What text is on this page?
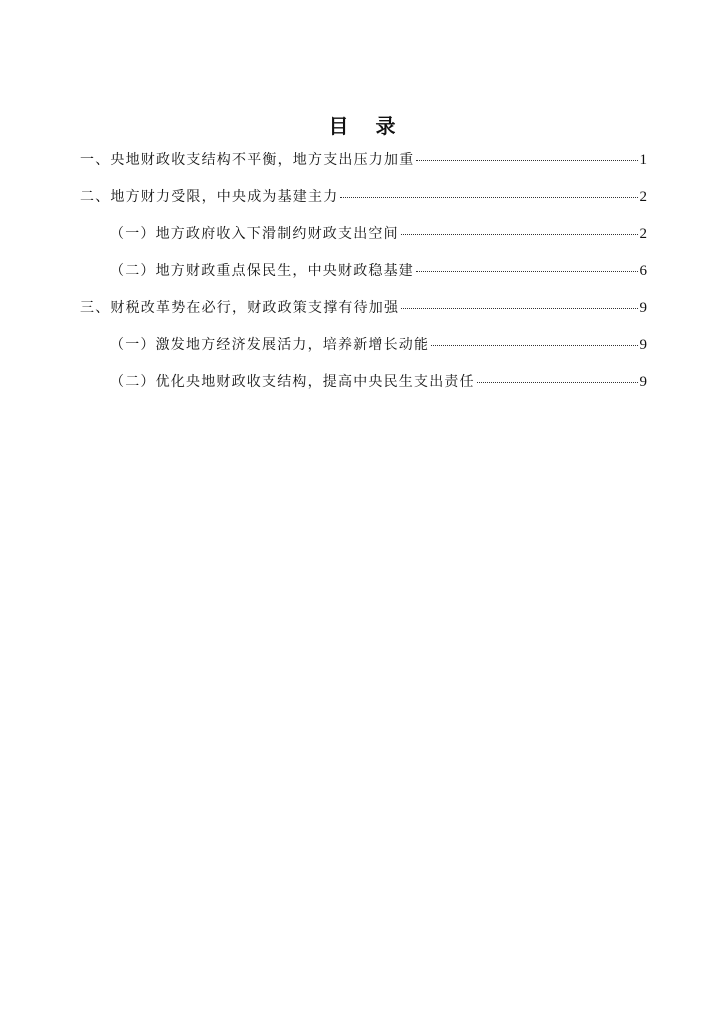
目 录
一、央地财政收支结构不平衡，地方支出压力加重	1
二、地方财力受限，中央成为基建主力	2
（一）地方政府收入下滑制约财政支出空间	2
（二）地方财政重点保民生，中央财政稳基建	6
三、财税改革势在必行，财政政策支撑有待加强	9
（一）激发地方经济发展活力，培养新增长动能	9
（二）优化央地财政收支结构，提高中央民生支出责任	9
